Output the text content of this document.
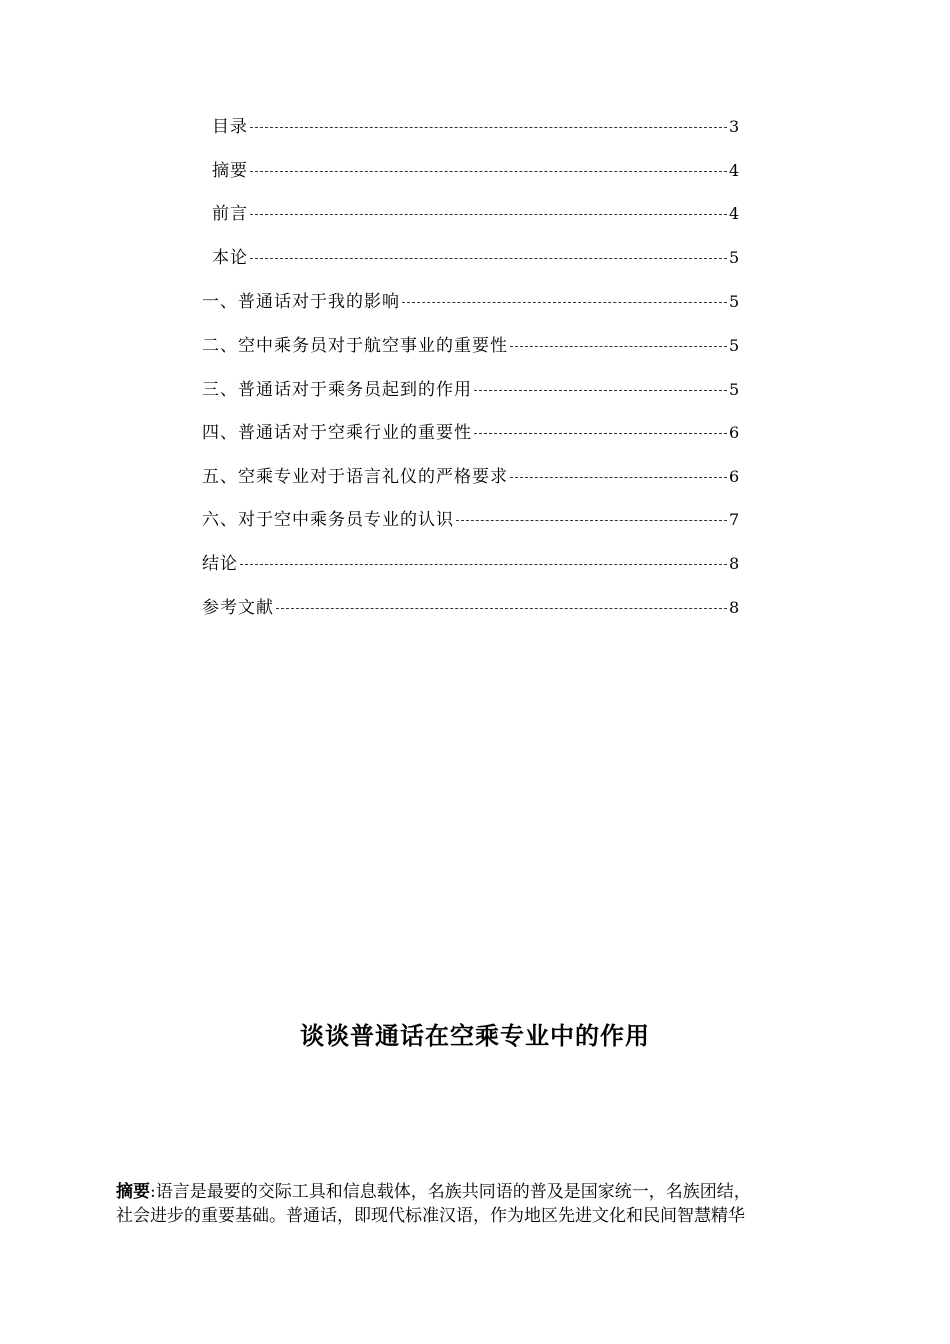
目录	3
摘要	4
前言	4
本论	5
一、普通话对于我的影响	5
二、空中乘务员对于航空事业的重要性	5
三、普通话对于乘务员起到的作用	5
四、普通话对于空乘行业的重要性	6
五、空乘专业对于语言礼仪的严格要求	6
六、对于空中乘务员专业的认识	7
结论	8
参考文献	8
谈谈普通话在空乘专业中的作用
摘要:语言是最要的交际工具和信息载体，名族共同语的普及是国家统一，名族团结，
社会进步的重要基础。普通话，即现代标准汉语，作为地区先进文化和民间智慧精华
